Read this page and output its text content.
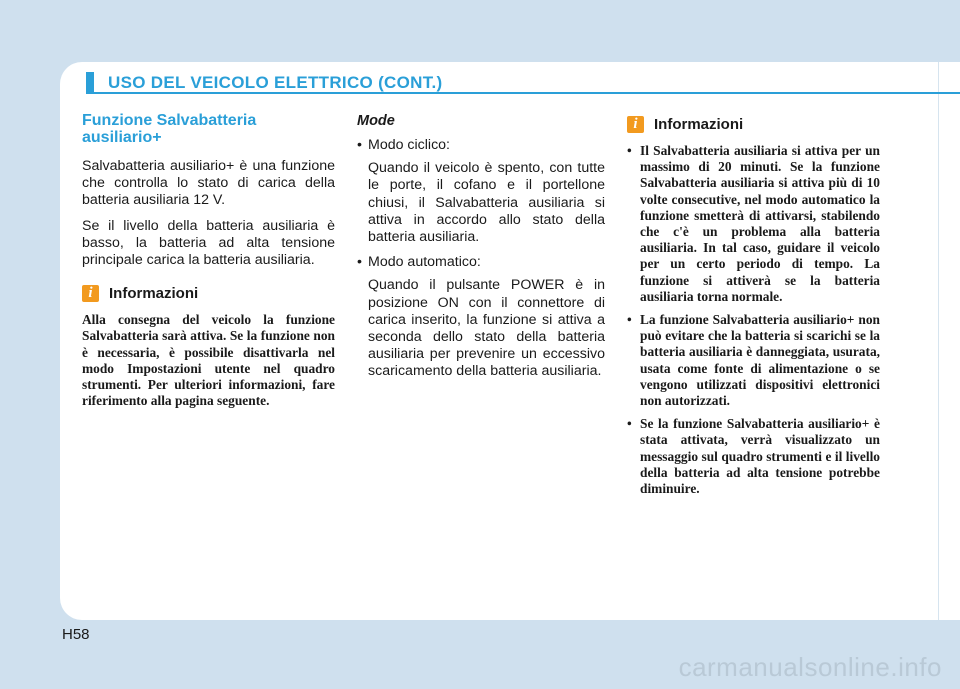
USO DEL VEICOLO ELETTRICO (CONT.)
Funzione Salvabatteria ausiliario+

Salvabatteria ausiliario+ è una funzione che controlla lo stato di carica della batteria ausiliaria 12 V.

Se il livello della batteria ausiliaria è basso, la batteria ad alta tensione principale carica la batteria ausiliaria.

i Informazioni

Alla consegna del veicolo la funzione Salvabatteria sarà attiva. Se la funzione non è necessaria, è possibile disattivarla nel modo Impostazioni utente nel quadro strumenti. Per ulteriori informazioni, fare riferimento alla pagina seguente.

Mode
• Modo ciclico:

Quando il veicolo è spento, con tutte le porte, il cofano e il portellone chiusi, il Salvabatteria ausiliaria si attiva in accordo allo stato della batteria ausiliaria.

• Modo automatico:

Quando il pulsante POWER è in posizione ON con il connettore di carica inserito, la funzione si attiva a seconda dello stato della batteria ausiliaria per prevenire un eccessivo scaricamento della batteria ausiliaria.

i Informazioni
• Il Salvabatteria ausiliaria si attiva per un massimo di 20 minuti. Se la funzione Salvabatteria ausiliaria si attiva più di 10 volte consecutive, nel modo automatico la funzione smetterà di attivarsi, stabilendo che c'è un problema alla batteria ausiliaria. In tal caso, guidare il veicolo per un certo periodo di tempo. La funzione si attiverà se la batteria ausiliaria torna normale.
• La funzione Salvabatteria ausiliario+ non può evitare che la batteria si scarichi se la batteria ausiliaria è danneggiata, usurata, usata come fonte di alimentazione o se vengono utilizzati dispositivi elettronici non autorizzati.
• Se la funzione Salvabatteria ausiliario+ è stata attivata, verrà visualizzato un messaggio sul quadro strumenti e il livello della batteria ad alta tensione potrebbe diminuire.
H58
carmanualsonline.info
